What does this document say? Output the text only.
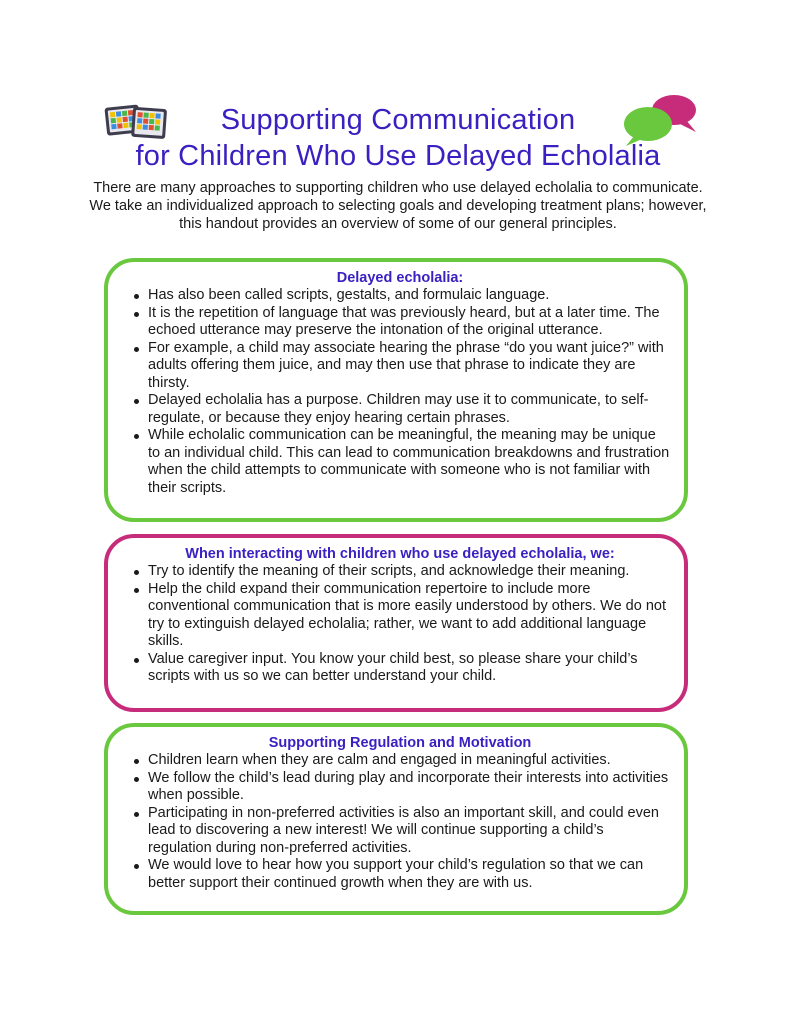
Supporting Communication
for Children Who Use Delayed Echolalia
There are many approaches to supporting children who use delayed echolalia to communicate. We take an individualized approach to selecting goals and developing treatment plans; however, this handout provides an overview of some of our general principles.
Delayed echolalia:
Has also been called scripts, gestalts, and formulaic language.
It is the repetition of language that was previously heard, but at a later time. The echoed utterance may preserve the intonation of the original utterance.
For example, a child may associate hearing the phrase “do you want juice?” with adults offering them juice, and may then use that phrase to indicate they are thirsty.
Delayed echolalia has a purpose. Children may use it to communicate, to self-regulate, or because they enjoy hearing certain phrases.
While echolalic communication can be meaningful, the meaning may be unique to an individual child. This can lead to communication breakdowns and frustration when the child attempts to communicate with someone who is not familiar with their scripts.
When interacting with children who use delayed echolalia, we:
Try to identify the meaning of their scripts, and acknowledge their meaning.
Help the child expand their communication repertoire to include more conventional communication that is more easily understood by others. We do not try to extinguish delayed echolalia; rather, we want to add additional language skills.
Value caregiver input. You know your child best, so please share your child’s scripts with us so we can better understand your child.
Supporting Regulation and Motivation
Children learn when they are calm and engaged in meaningful activities.
We follow the child’s lead during play and incorporate their interests into activities when possible.
Participating in non-preferred activities is also an important skill, and could even lead to discovering a new interest! We will continue supporting a child’s regulation during non-preferred activities.
We would love to hear how you support your child’s regulation so that we can better support their continued growth when they are with us.
